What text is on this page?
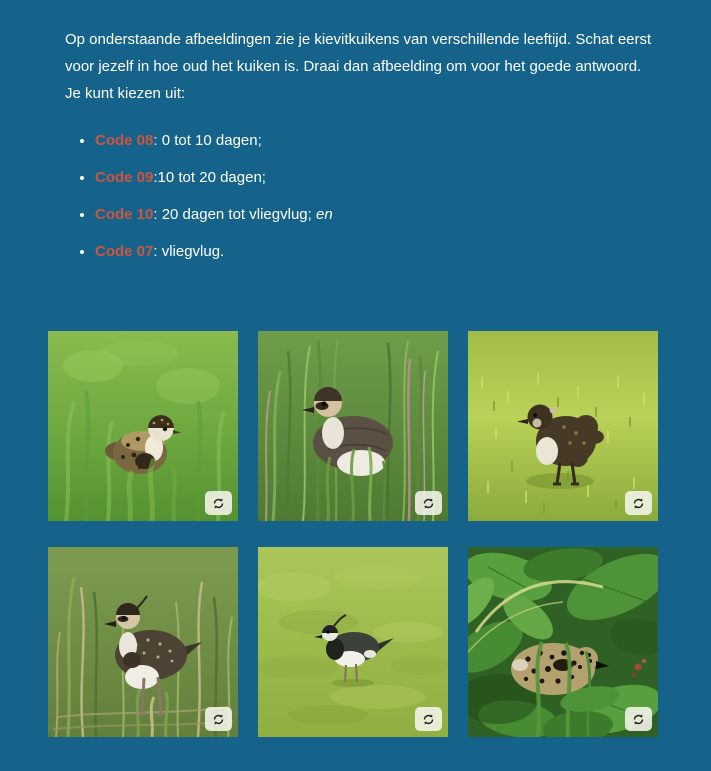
Op onderstaande afbeeldingen zie je kievitkuikens van verschillende leeftijd. Schat eerst voor jezelf in hoe oud het kuiken is. Draai dan afbeelding om voor het goede antwoord. Je kunt kiezen uit:

• Code 08: 0 tot 10 dagen;
• Code 09:10 tot 20 dagen;
• Code 10: 20 dagen tot vliegvlug; en
• Code 07: vliegvlug.
